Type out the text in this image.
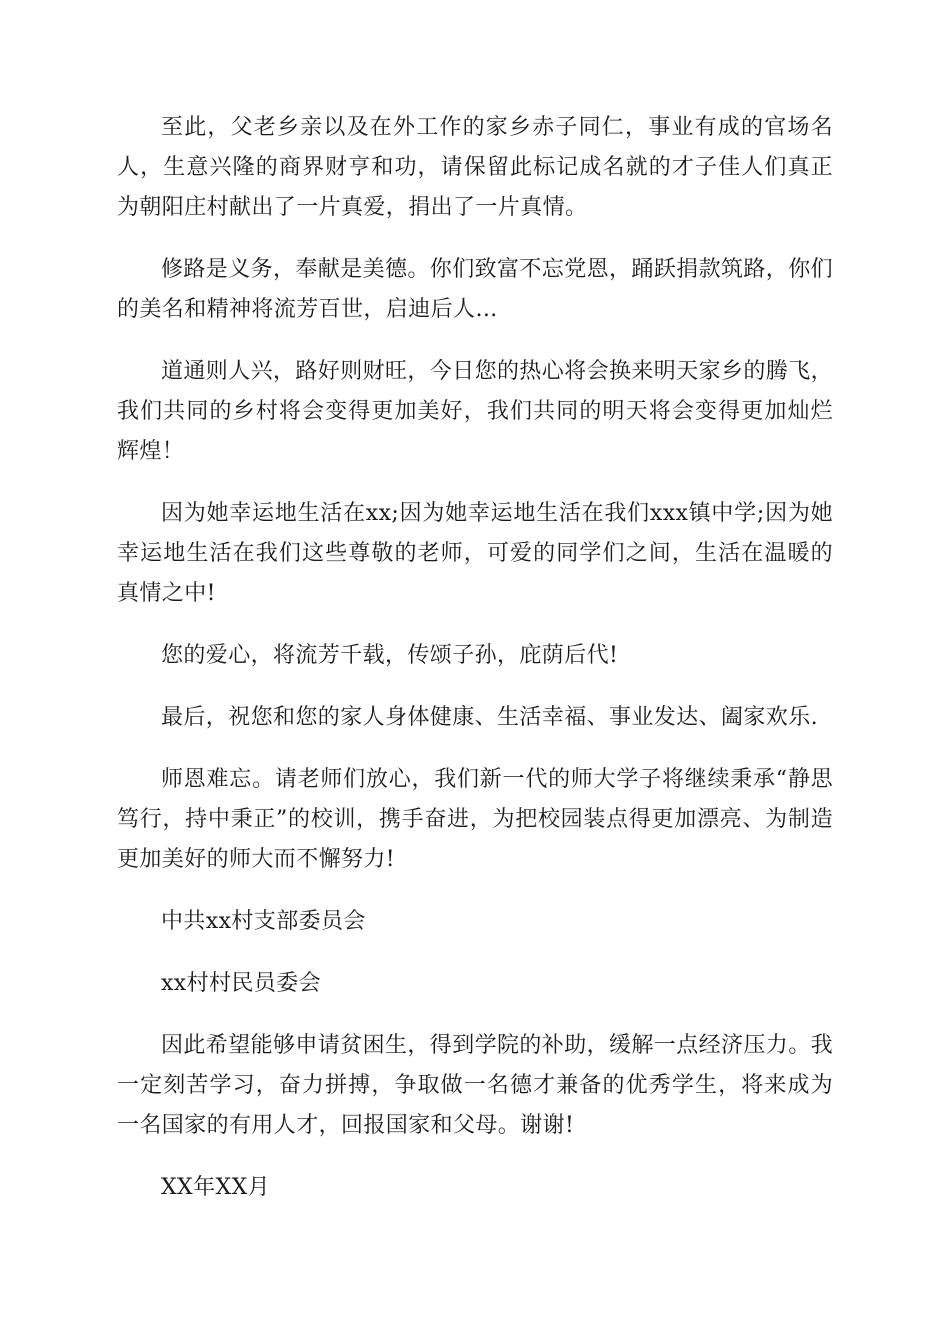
至此，父老乡亲以及在外工作的家乡赤子同仁，事业有成的官场名人，生意兴隆的商界财亨和功，请保留此标记成名就的才子佳人们真正为朝阳庄村献出了一片真爱，捐出了一片真情。

修路是义务，奉献是美德。你们致富不忘党恩，踊跃捐款筑路，你们的美名和精神将流芳百世，启迪后人…

道通则人兴，路好则财旺，今日您的热心将会换来明天家乡的腾飞，我们共同的乡村将会变得更加美好，我们共同的明天将会变得更加灿烂辉煌！

因为她幸运地生活在xx;因为她幸运地生活在我们xxx镇中学;因为她幸运地生活在我们这些尊敬的老师，可爱的同学们之间，生活在温暖的真情之中!

您的爱心，将流芳千载，传颂子孙，庇荫后代!

最后，祝您和您的家人身体健康、生活幸福、事业发达、阖家欢乐.

师恩难忘。请老师们放心，我们新一代的师大学子将继续秉承“静思笃行，持中秉正”的校训，携手奋进，为把校园装点得更加漂亮、为制造更加美好的师大而不懈努力!

中共xx村支部委员会

xx村村民员委会

因此希望能够申请贫困生，得到学院的补助，缓解一点经济压力。我一定刻苦学习，奋力拼搏，争取做一名德才兼备的优秀学生，将来成为一名国家的有用人才，回报国家和父母。谢谢!

XX年XX月
